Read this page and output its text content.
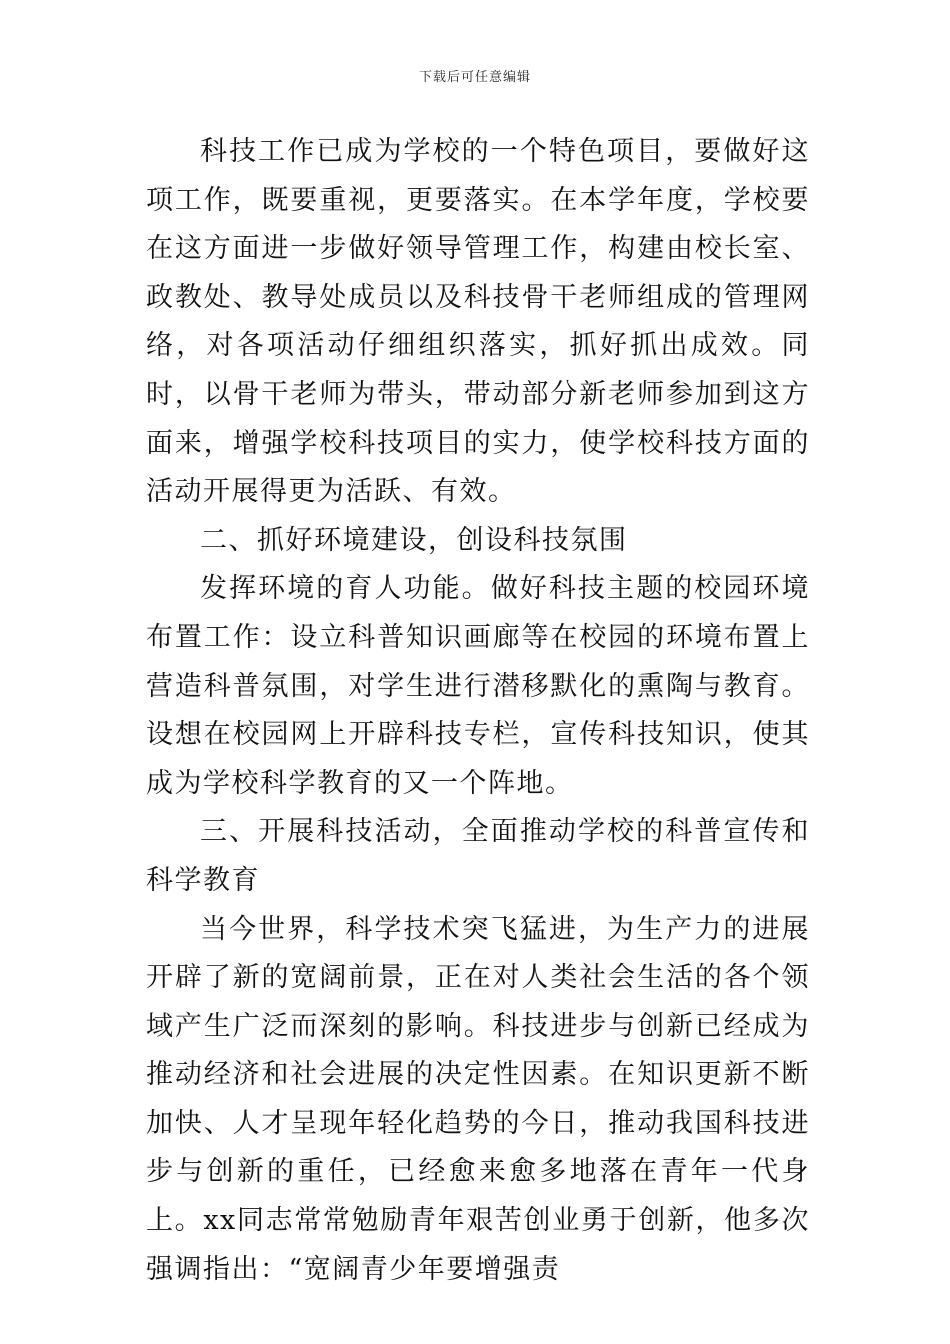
下载后可任意编辑

科技工作已成为学校的一个特色项目，要做好这项工作，既要重视，更要落实。在本学年度，学校要在这方面进一步做好领导管理工作，构建由校长室、政教处、教导处成员以及科技骨干老师组成的管理网络，对各项活动仔细组织落实，抓好抓出成效。同时，以骨干老师为带头，带动部分新老师参加到这方面来，增强学校科技项目的实力，使学校科技方面的活动开展得更为活跃、有效。

二、抓好环境建设，创设科技氛围

发挥环境的育人功能。做好科技主题的校园环境布置工作：设立科普知识画廊等在校园的环境布置上营造科普氛围，对学生进行潜移默化的熏陶与教育。设想在校园网上开辟科技专栏，宣传科技知识，使其成为学校科学教育的又一个阵地。

三、开展科技活动，全面推动学校的科普宣传和科学教育

当今世界，科学技术突飞猛进，为生产力的进展开辟了新的宽阔前景，正在对人类社会生活的各个领域产生广泛而深刻的影响。科技进步与创新已经成为推动经济和社会进展的决定性因素。在知识更新不断加快、人才呈现年轻化趋势的今日，推动我国科技进步与创新的重任，已经愈来愈多地落在青年一代身上。xx同志常常勉励青年艰苦创业勇于创新，他多次强调指出：“宽阔青少年要增强责
